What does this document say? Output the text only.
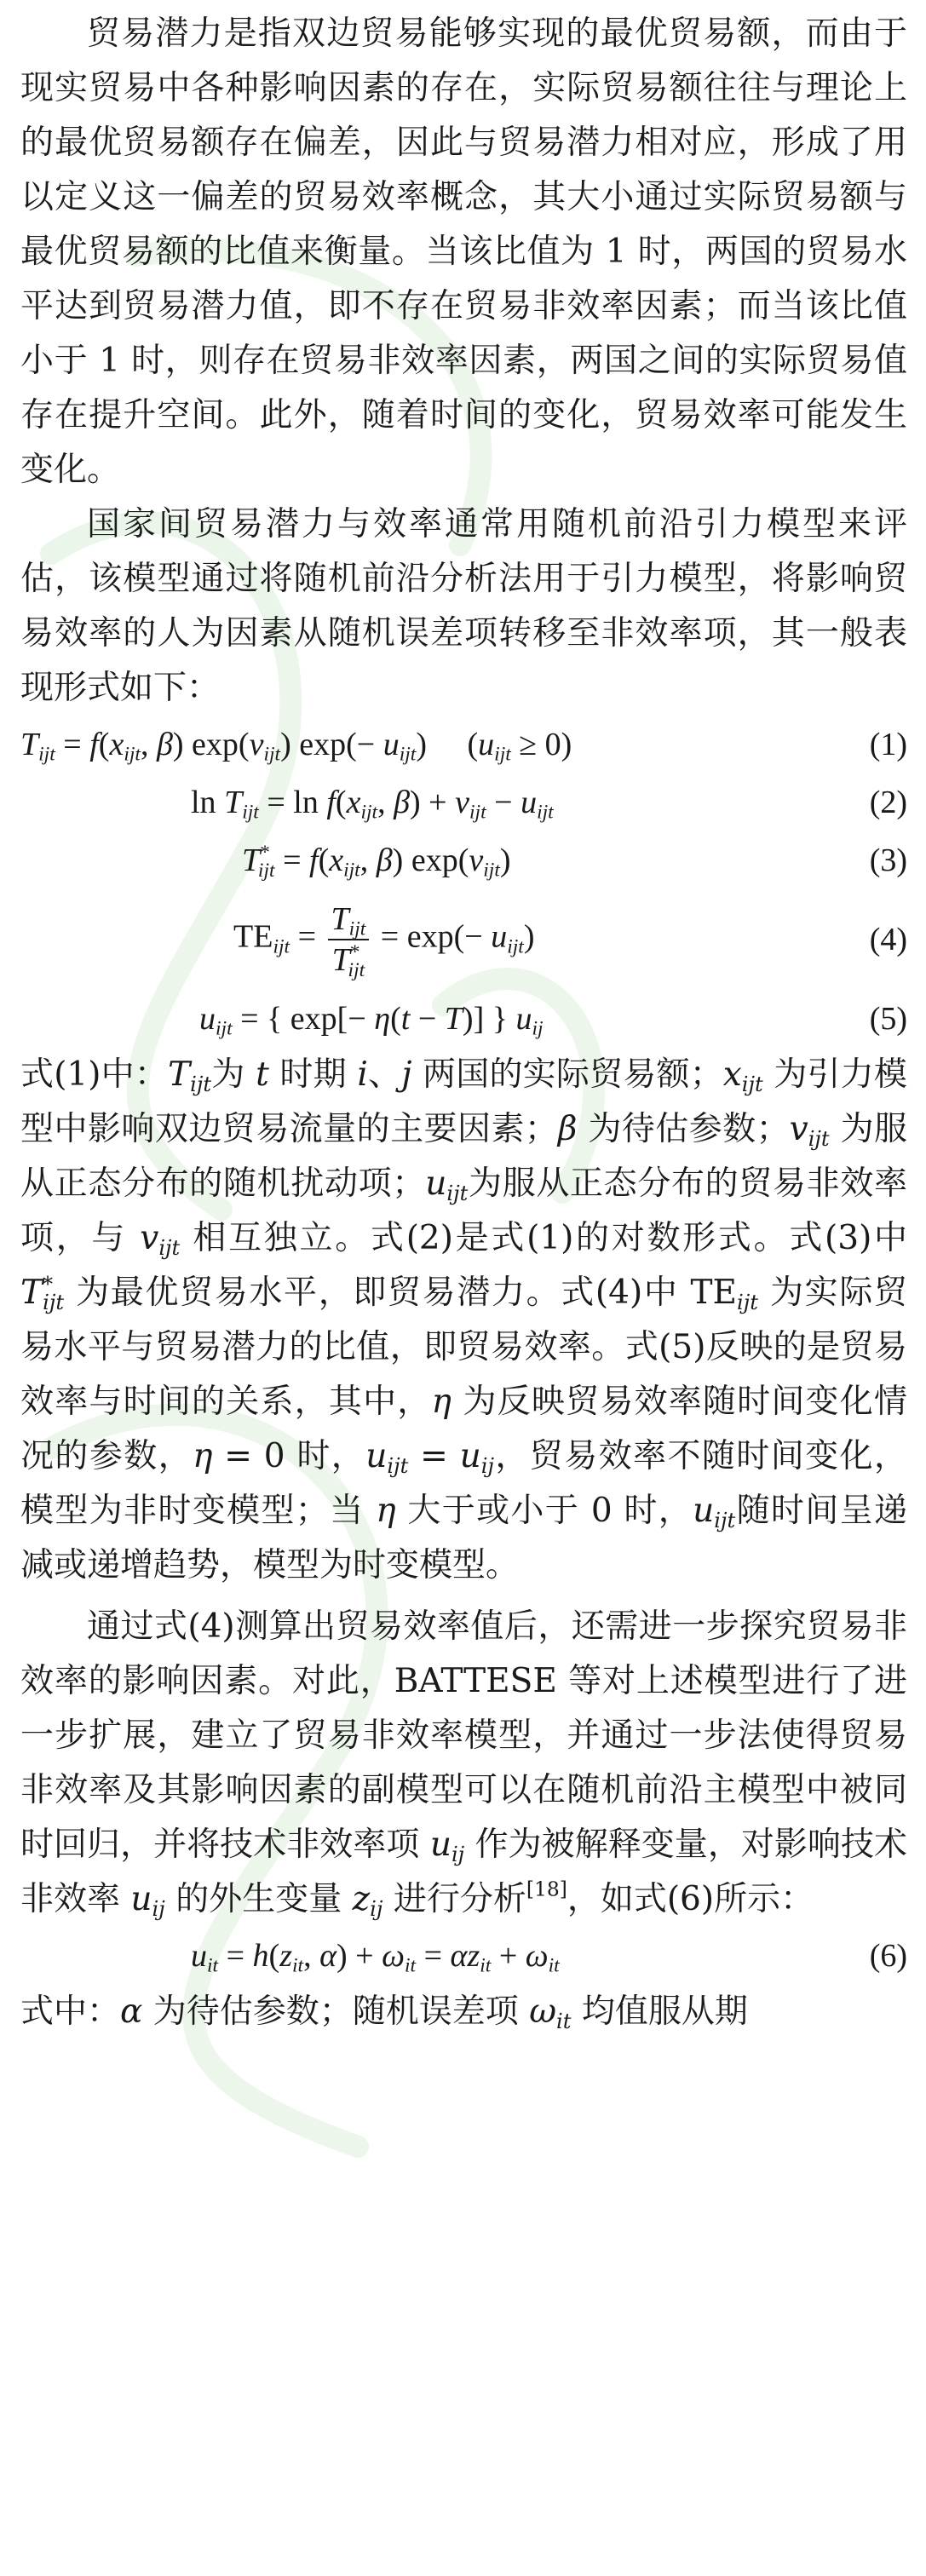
贸易潜力是指双边贸易能够实现的最优贸易额，而由于现实贸易中各种影响因素的存在，实际贸易额往往与理论上的最优贸易额存在偏差，因此与贸易潜力相对应，形成了用以定义这一偏差的贸易效率概念，其大小通过实际贸易额与最优贸易额的比值来衡量。当该比值为 1 时，两国的贸易水平达到贸易潜力值，即不存在贸易非效率因素；而当该比值小于 1 时，则存在贸易非效率因素，两国之间的实际贸易值存在提升空间。此外，随着时间的变化，贸易效率可能发生变化。

国家间贸易潜力与效率通常用随机前沿引力模型来评估，该模型通过将随机前沿分析法用于引力模型，将影响贸易效率的人为因素从随机误差项转移至非效率项，其一般表现形式如下：

$T_{ijt} = f(x_{ijt}$, β) $\exp(v_{ijt})$ $\exp(- u_{ijt})$     $(u_{ijt} \ge 0)$	(1)
$\ln T_{ijt} = \ln f(x_{ijt}$, $\beta) + v_{ijt} - u_{ijt}$	(2)
$T^*_{ijt} = f(x_{ijt}$, β) $\exp(v_{ijt})$	(3)
$TE_{ijt} = \frac{T_{ijt}}{T^*_{ijt}} = \exp(- u_{ijt})$	(4)
$u_{ijt}$ = { exp[− η(t − T)] } $u_{ij}$	(5)

式(1)中：$T_{ijt}$为 t 时期 i、j 两国的实际贸易额；$x_{ijt}$ 为引力模型中影响双边贸易流量的主要因素；β 为待估参数；$v_{ijt}$ 为服从正态分布的随机扰动项；$u_{ijt}$为服从正态分布的贸易非效率项，与 $v_{ijt}$ 相互独立。式(2)是式(1)的对数形式。式(3)中 $T^*_{ijt}$ 为最优贸易水平，即贸易潜力。式(4)中 $TE_{ijt}$ 为实际贸易水平与贸易潜力的比值，即贸易效率。式(5)反映的是贸易效率与时间的关系，其中，η 为反映贸易效率随时间变化情况的参数，η = 0 时，$u_{ijt} = u_{ij}$，贸易效率不随时间变化，模型为非时变模型；当 η 大于或小于 0 时，$u_{ijt}$随时间呈递减或递增趋势，模型为时变模型。

通过式(4)测算出贸易效率值后，还需进一步探究贸易非效率的影响因素。对此，BATTESE 等对上述模型进行了进一步扩展，建立了贸易非效率模型，并通过一步法使得贸易非效率及其影响因素的副模型可以在随机前沿主模型中被同时回归，并将技术非效率项 $u_{ij}$ 作为被解释变量，对影响技术非效率 $u_{ij}$ 的外生变量 $z_{ij}$ 进行分析[18]，如式(6)所示：

$u_{it} = h(z_{it}$, $\alpha) + \omega_{it} = \alpha z_{it} + \omega_{it}$	(6)

式中：α 为待估参数；随机误差项 $\omega_{it}$ 均值服从期
